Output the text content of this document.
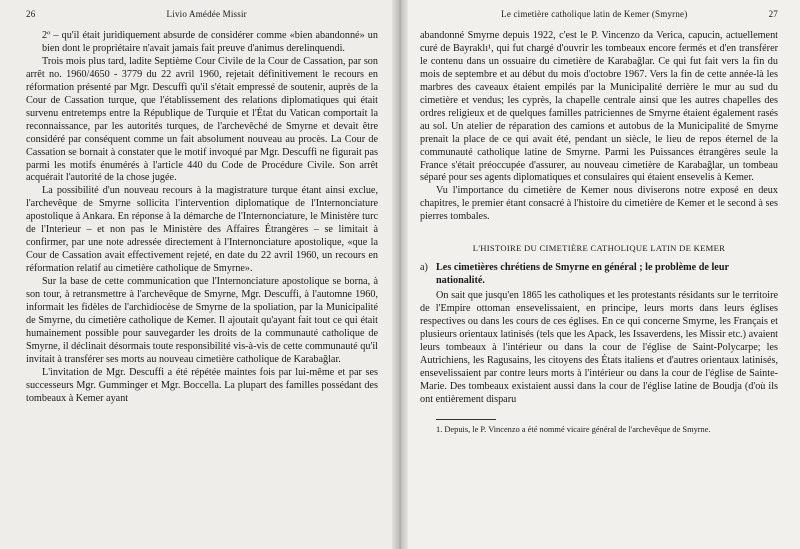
26	Livio Amédée Missir

2º – qu'il était juridiquement absurde de considérer comme «bien abandonné» un bien dont le propriétaire n'avait jamais fait preuve d'animus derelinquendi.

Trois mois plus tard, ladite Septième Cour Civile de la Cour de Cassation, par son arrêt no. 1960/4650 - 3779 du 22 avril 1960, rejetait définitivement le recours en réformation présenté par Mgr. Descuffi qu'il s'était empressé de soutenir, auprès de la Cour de Cassation turque, que l'établissement des relations diplomatiques qui était survenu entretemps entre la République de Turquie et l'État du Vatican comportait la reconnaissance, par les autorités turques, de l'archevêché de Smyrne et devait être considéré par conséquent comme un fait absolument nouveau au procès. La Cour de Cassation se bornait à constater que le motif invoqué par Mgr. Descuffi ne figurait pas parmi les motifs énumérés à l'article 440 du Code de Procédure Civile. Son arrêt acquérait l'autorité de la chose jugée.

La possibilité d'un nouveau recours à la magistrature turque étant ainsi exclue, l'archevêque de Smyrne sollicita l'intervention diplomatique de l'Internonciature apostolique à Ankara. En réponse à la démarche de l'Internonciature, le Ministère turc de l'Interieur – et non pas le Ministère des Affaires Étrangères – se limitait à confirmer, par une note adressée directement à l'Internonciature apostolique, «que la Cour de Cassation avait effectivement rejeté, en date du 22 avril 1960, un recours en réformation relatif au cimetière catholique de Smyrne».

Sur la base de cette communication que l'Internonciature apostolique se borna, à son tour, à retransmettre à l'archevêque de Smyrne, Mgr. Descuffi, à l'automne 1960, informait les fidèles de l'archidiocèse de Smyrne de la spoliation, par la Municipalité de Smyrne, du cimetière catholique de Kemer. Il ajoutait qu'ayant fait tout ce qui était humainement possible pour sauvegarder les droits de la communauté catholique de Smyrne, il déclinait désormais toute responsibilité vis-à-vis de cette communauté qu'il invitait à transférer ses morts au nouveau cimetière catholique de Karabağlar.

L'invitation de Mgr. Descuffi a été répétée maintes fois par lui-même et par ses successeurs Mgr. Gumminger et Mgr. Boccella. La plupart des familles possédant des tombeaux à Kemer ayant

Le cimetière catholique latin de Kemer (Smyrne)	27

abandonné Smyrne depuis 1922, c'est le P. Vincenzo da Verica, capucin, actuellement curé de Bayraklı¹, qui fut chargé d'ouvrir les tombeaux encore fermés et d'en transférer le contenu dans un ossuaire du cimetière de Karabağlar. Ce qui fut fait vers la fin du mois de septembre et au début du mois d'octobre 1967. Vers la fin de cette année-là les marbres des caveaux étaient empilés par la Municipalité derrière le mur au sud du cimetière et vendus; les cyprès, la chapelle centrale ainsi que les autres chapelles des ordres religieux et de quelques familles patriciennes de Smyrne étaient également rasés au sol. Un atelier de réparation des camions et autobus de la Municipalité de Smyrne prenait la place de ce qui avait été, pendant un siècle, le lieu de repos éternel de la communauté catholique latine de Smyrne. Parmi les Puissances étrangères seule la France s'était préoccupée d'assurer, au nouveau cimetière de Karabağlar, un tombeau séparé pour ses agents diplomatiques et consulaires qui étaient ensevelis à Kemer.

Vu l'importance du cimetière de Kemer nous diviserons notre exposé en deux chapitres, le premier étant consacré à l'histoire du cimetière de Kemer et le second à ses pierres tombales.

L'HISTOIRE DU CIMETIÈRE CATHOLIQUE LATIN DE KEMER
a) Les cimetières chrétiens de Smyrne en général ; le problème de leur nationalité.

On sait que jusqu'en 1865 les catholiques et les protestants résidants sur le territoire de l'Empire ottoman ensevelissaient, en principe, leurs morts dans leurs églises respectives ou dans les cours de ces églises. En ce qui concerne Smyrne, les Français et plusieurs orientaux latinisés (tels que les Apack, les Issaverdens, les Missir etc.) avaient leurs tombeaux à l'intérieur ou dans la cour de l'église de Saint-Polycarpe; les Autrichiens, les Ragusains, les citoyens des États italiens et d'autres orientaux latinisés, ensevelissaient par contre leurs morts à l'intérieur ou dans la cour de l'église de Sainte-Marie. Des tombeaux existaient aussi dans la cour de l'église latine de Boudja (d'où ils ont entièrement disparu

1. Depuis, le P. Vincenzo a été nommé vicaire général de l'archevêque de Smyrne.
